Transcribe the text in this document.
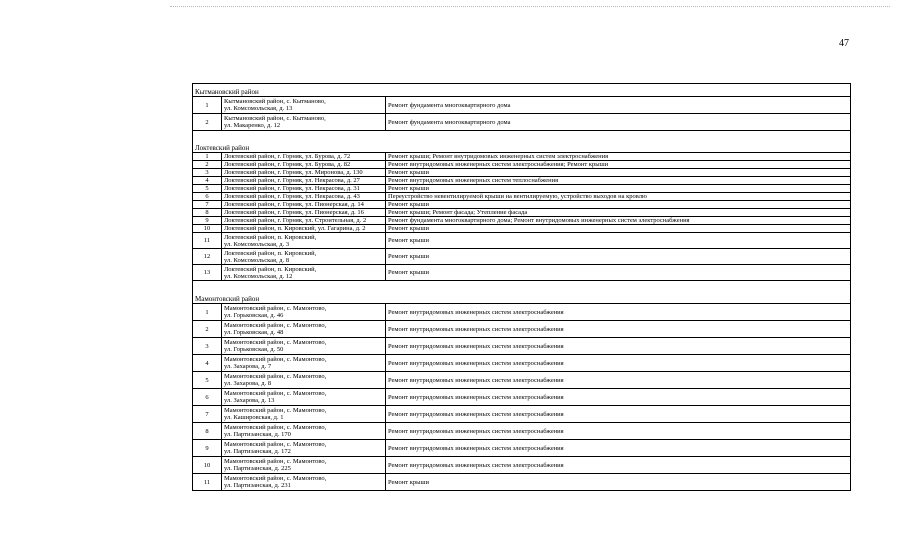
47
Кытмановский район
1	Кытмановский район, с. Кытманово,
ул. Комсомольская, д. 13	Ремонт фундамента многоквартирного дома
2	Кытмановский район, с. Кытманово,
ул. Макаренко, д. 12	Ремонт фундамента многоквартирного дома
Локтевский район
1	Локтевский район, г. Горняк, ул. Бурова, д. 72	Ремонт крыши; Ремонт внутридомовых инженерных систем электроснабжения
2	Локтевский район, г. Горняк, ул. Бурова, д. 82	Ремонт внутридомовых инженерных систем электроснабжения; Ремонт крыши
3	Локтевский район, г. Горняк, ул. Миронова, д. 130	Ремонт крыши
4	Локтевский район, г. Горняк, ул. Некрасова, д. 27	Ремонт внутридомовых инженерных систем теплоснабжения
5	Локтевский район, г. Горняк, ул. Некрасова, д. 31	Ремонт крыши
6	Локтевский район, г. Горняк, ул. Некрасова, д. 43	Переустройство невентилируемой крыши на вентилируемую, устройство выходов на кровлю
7	Локтевский район, г. Горняк, ул. Пионерская, д. 14	Ремонт крыши
8	Локтевский район, г. Горняк, ул. Пионерская, д. 16	Ремонт крыши; Ремонт фасада; Утепление фасада
9	Локтевский район, г. Горняк, ул. Строительная, д. 2	Ремонт фундамента многоквартирного дома; Ремонт внутридомовых инженерных систем электроснабжения
10	Локтевский район, п. Кировский, ул. Гагарина, д. 2	Ремонт крыши
11	Локтевский район, п. Кировский,
ул. Комсомольская, д. 3	Ремонт крыши
12	Локтевский район, п. Кировский,
ул. Комсомольская, д. 8	Ремонт крыши
13	Локтевский район, п. Кировский,
ул. Комсомольская, д. 12	Ремонт крыши
Мамонтовский район
1	Мамонтовский район, с. Мамонтово,
ул. Горьковская, д. 46	Ремонт внутридомовых инженерных систем электроснабжения
2	Мамонтовский район, с. Мамонтово,
ул. Горьковская, д. 48	Ремонт внутридомовых инженерных систем электроснабжения
3	Мамонтовский район, с. Мамонтово,
ул. Горьковская, д. 50	Ремонт внутридомовых инженерных систем электроснабжения
4	Мамонтовский район, с. Мамонтово,
ул. Захарова, д. 7	Ремонт внутридомовых инженерных систем электроснабжения
5	Мамонтовский район, с. Мамонтово,
ул. Захарова, д. 8	Ремонт внутридомовых инженерных систем электроснабжения
6	Мамонтовский район, с. Мамонтово,
ул. Захарова, д. 13	Ремонт внутридомовых инженерных систем электроснабжения
7	Мамонтовский район, с. Мамонтово,
ул. Кашировская, д. 1	Ремонт внутридомовых инженерных систем электроснабжения
8	Мамонтовский район, с. Мамонтово,
ул. Партизанская, д. 170	Ремонт внутридомовых инженерных систем электроснабжения
9	Мамонтовский район, с. Мамонтово,
ул. Партизанская, д. 172	Ремонт внутридомовых инженерных систем электроснабжения
10	Мамонтовский район, с. Мамонтово,
ул. Партизанская, д. 225	Ремонт внутридомовых инженерных систем электроснабжения
11	Мамонтовский район, с. Мамонтово,
ул. Партизанская, д. 231	Ремонт крыши
